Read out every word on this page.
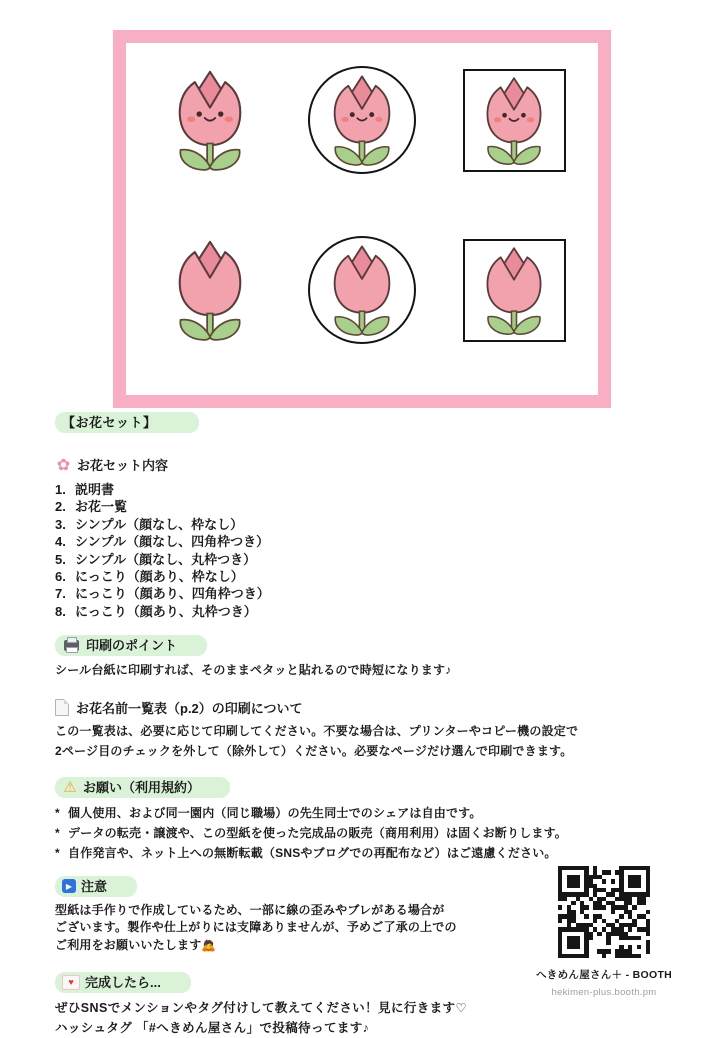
【お花セット】
✿
お花セット内容
1. 説明書
2. お花一覧
3. シンプル（顔なし、枠なし）
4. シンプル（顔なし、四角枠つき）
5. シンプル（顔なし、丸枠つき）
6. にっこり（顔あり、枠なし）
7. にっこり（顔あり、四角枠つき）
8. にっこり（顔あり、丸枠つき）
印刷のポイント
シール台紙に印刷すれば、そのままペタッと貼れるので時短になります♪
お花名前一覧表（p.2）の印刷について
この一覧表は、必要に応じて印刷してください。不要な場合は、プリンターやコピー機の設定で
2ページ目のチェックを外して（除外して）ください。必要なページだけ選んで印刷できます。
⚠
お願い（利用規約）
* 個人使用、および同一園内（同じ職場）の先生同士でのシェアは自由です。
* データの転売・譲渡や、この型紙を使った完成品の販売（商用利用）は固くお断りします。
* 自作発言や、ネット上への無断転載（SNSやブログでの再配布など）はご遠慮ください。
▶
注意
型紙は手作りで作成しているため、一部に線の歪みやブレがある場合が
ございます。製作や仕上がりには支障ありませんが、予めご了承の上での
ご利用をお願いいたします🙇
♥
完成したら...
ぜひSNSでメンションやタグ付けして教えてください！見に行きます♡
ハッシュタグ 「#へきめん屋さん」で投稿待ってます♪
へきめん屋さん＋ - BOOTH
hekimen-plus.booth.pm
